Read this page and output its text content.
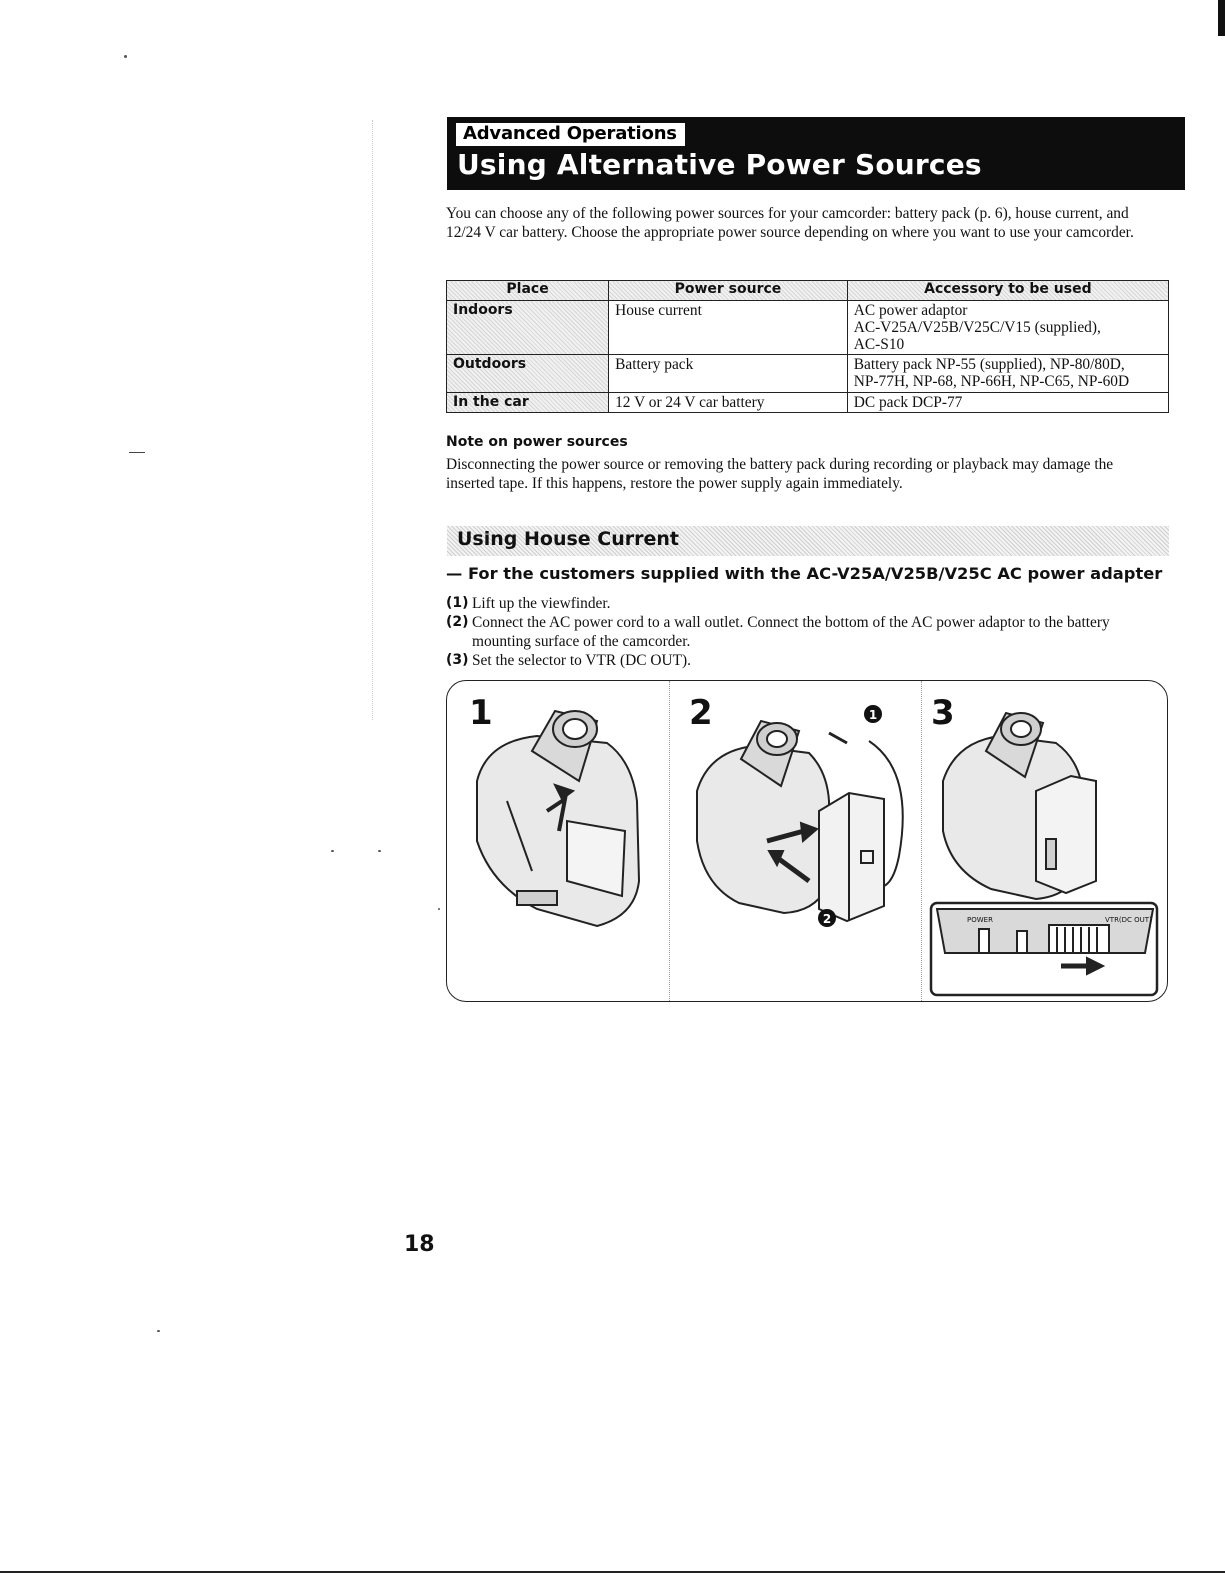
Advanced Operations
Using Alternative Power Sources

You can choose any of the following power sources for your camcorder: battery pack (p. 6), house current, and 12/24 V car battery. Choose the appropriate power source depending on where you want to use your camcorder.

Place	Power source	Accessory to be used
Indoors	House current	AC power adaptor
AC-V25A/V25B/V25C/V15 (supplied),
AC-S10

Outdoors	Battery pack	Battery pack NP-55 (supplied), NP-80/80D,
NP-77H, NP-68, NP-66H, NP-C65, NP-60D

In the car	12 V or 24 V car battery	DC pack DCP-77
Note on power sources

Disconnecting the power source or removing the battery pack during recording or playback may damage the inserted tape. If this happens, restore the power supply again immediately.

Using House Current
— For the customers supplied with the AC-V25A/V25B/V25C AC power adapter
(1) Lift up the viewfinder.
(2) Connect the AC power cord to a wall outlet. Connect the bottom of the AC power adaptor to the battery mounting surface of the camcorder.
(3) Set the selector to VTR (DC OUT).
1	2	1
2
3
POWER	VTR(DC OUT)
18
